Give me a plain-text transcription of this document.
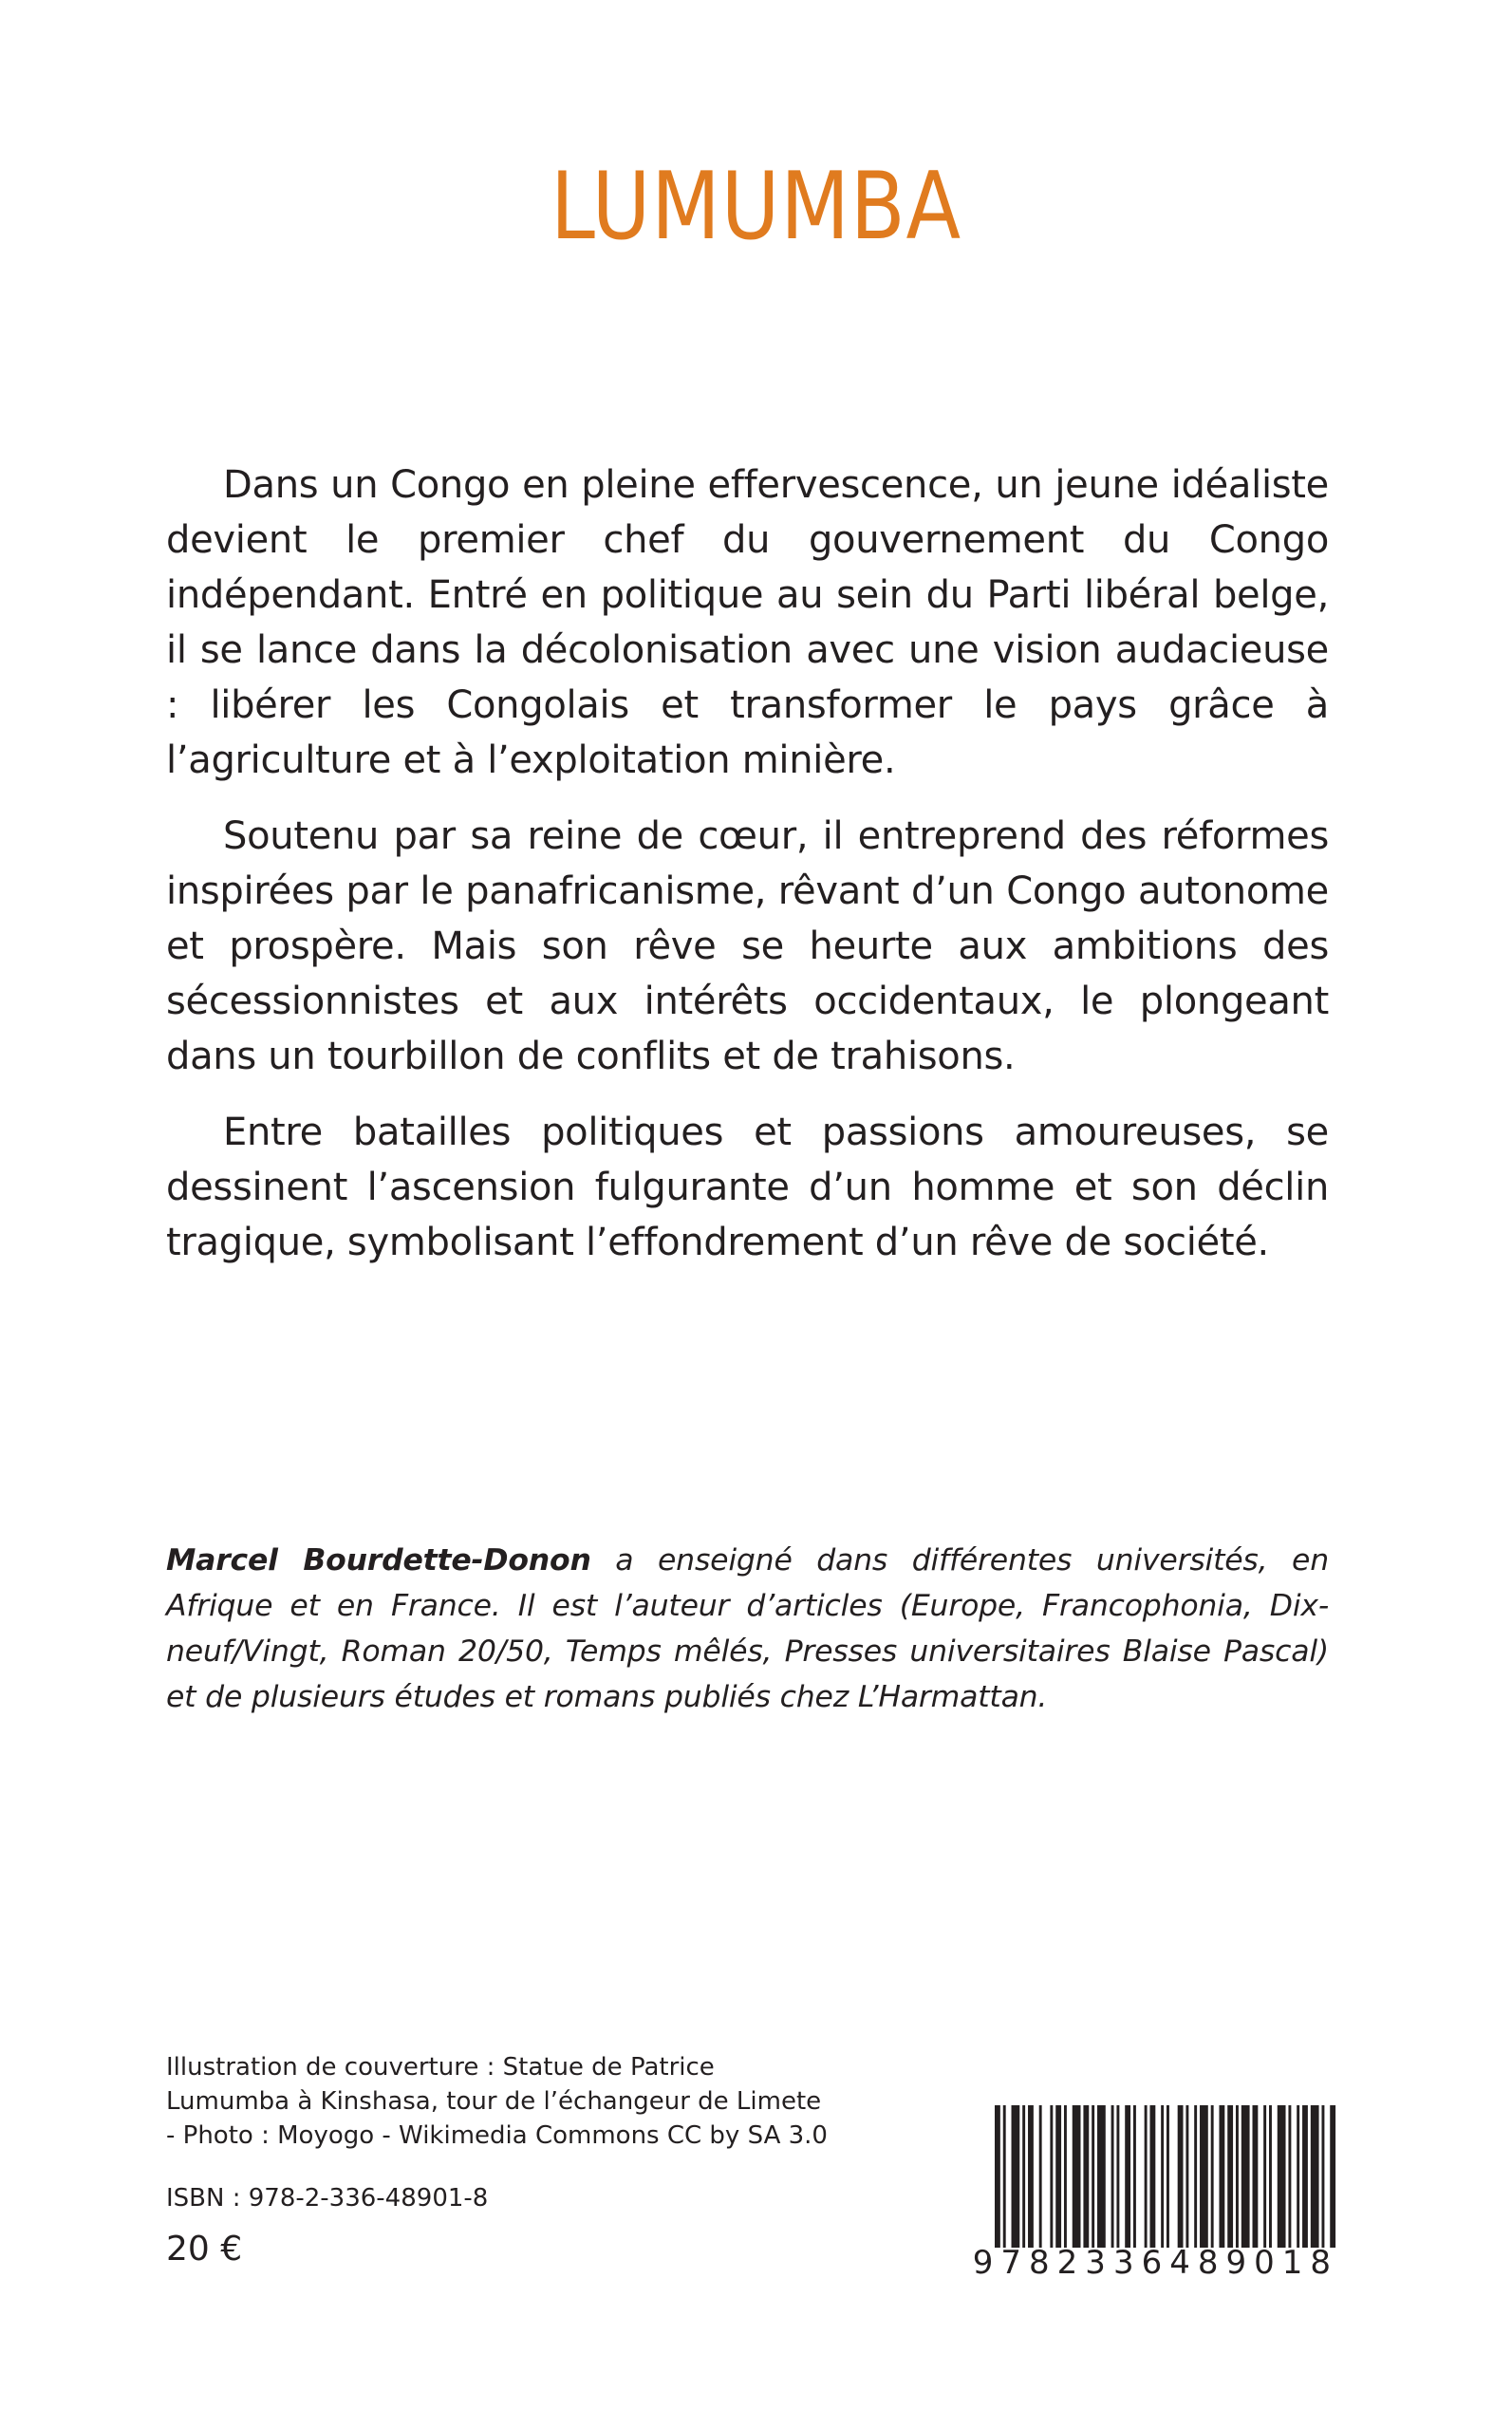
LUMUMBA

Dans un Congo en pleine effervescence, un jeune idéaliste devient le premier chef du gouvernement du Congo indépendant. Entré en politique au sein du Parti libéral belge, il se lance dans la décolonisation avec une vision audacieuse : libérer les Congolais et transformer le pays grâce à l’agriculture et à l’exploitation minière.

Soutenu par sa reine de cœur, il entreprend des réformes inspirées par le panafricanisme, rêvant d’un Congo autonome et prospère. Mais son rêve se heurte aux ambitions des sécessionnistes et aux intérêts occidentaux, le plongeant dans un tourbillon de conflits et de trahisons.

Entre batailles politiques et passions amoureuses, se dessinent l’ascension fulgurante d’un homme et son déclin tragique, symbolisant l’effondrement d’un rêve de société.

Marcel Bourdette-Donon a enseigné dans différentes universités, en Afrique et en France. Il est l’auteur d’articles (Europe, Francophonia, Dix-neuf/Vingt, Roman 20/50, Temps mêlés, Presses universitaires Blaise Pascal) et de plusieurs études et romans publiés chez L’Harmattan.
Illustration de couverture : Statue de Patrice Lumumba à Kinshasa, tour de l’échangeur de Limete - Photo : Moyogo - Wikimedia Commons CC by SA 3.0
ISBN : 978-2-336-48901-8
20 €	9782336489018
